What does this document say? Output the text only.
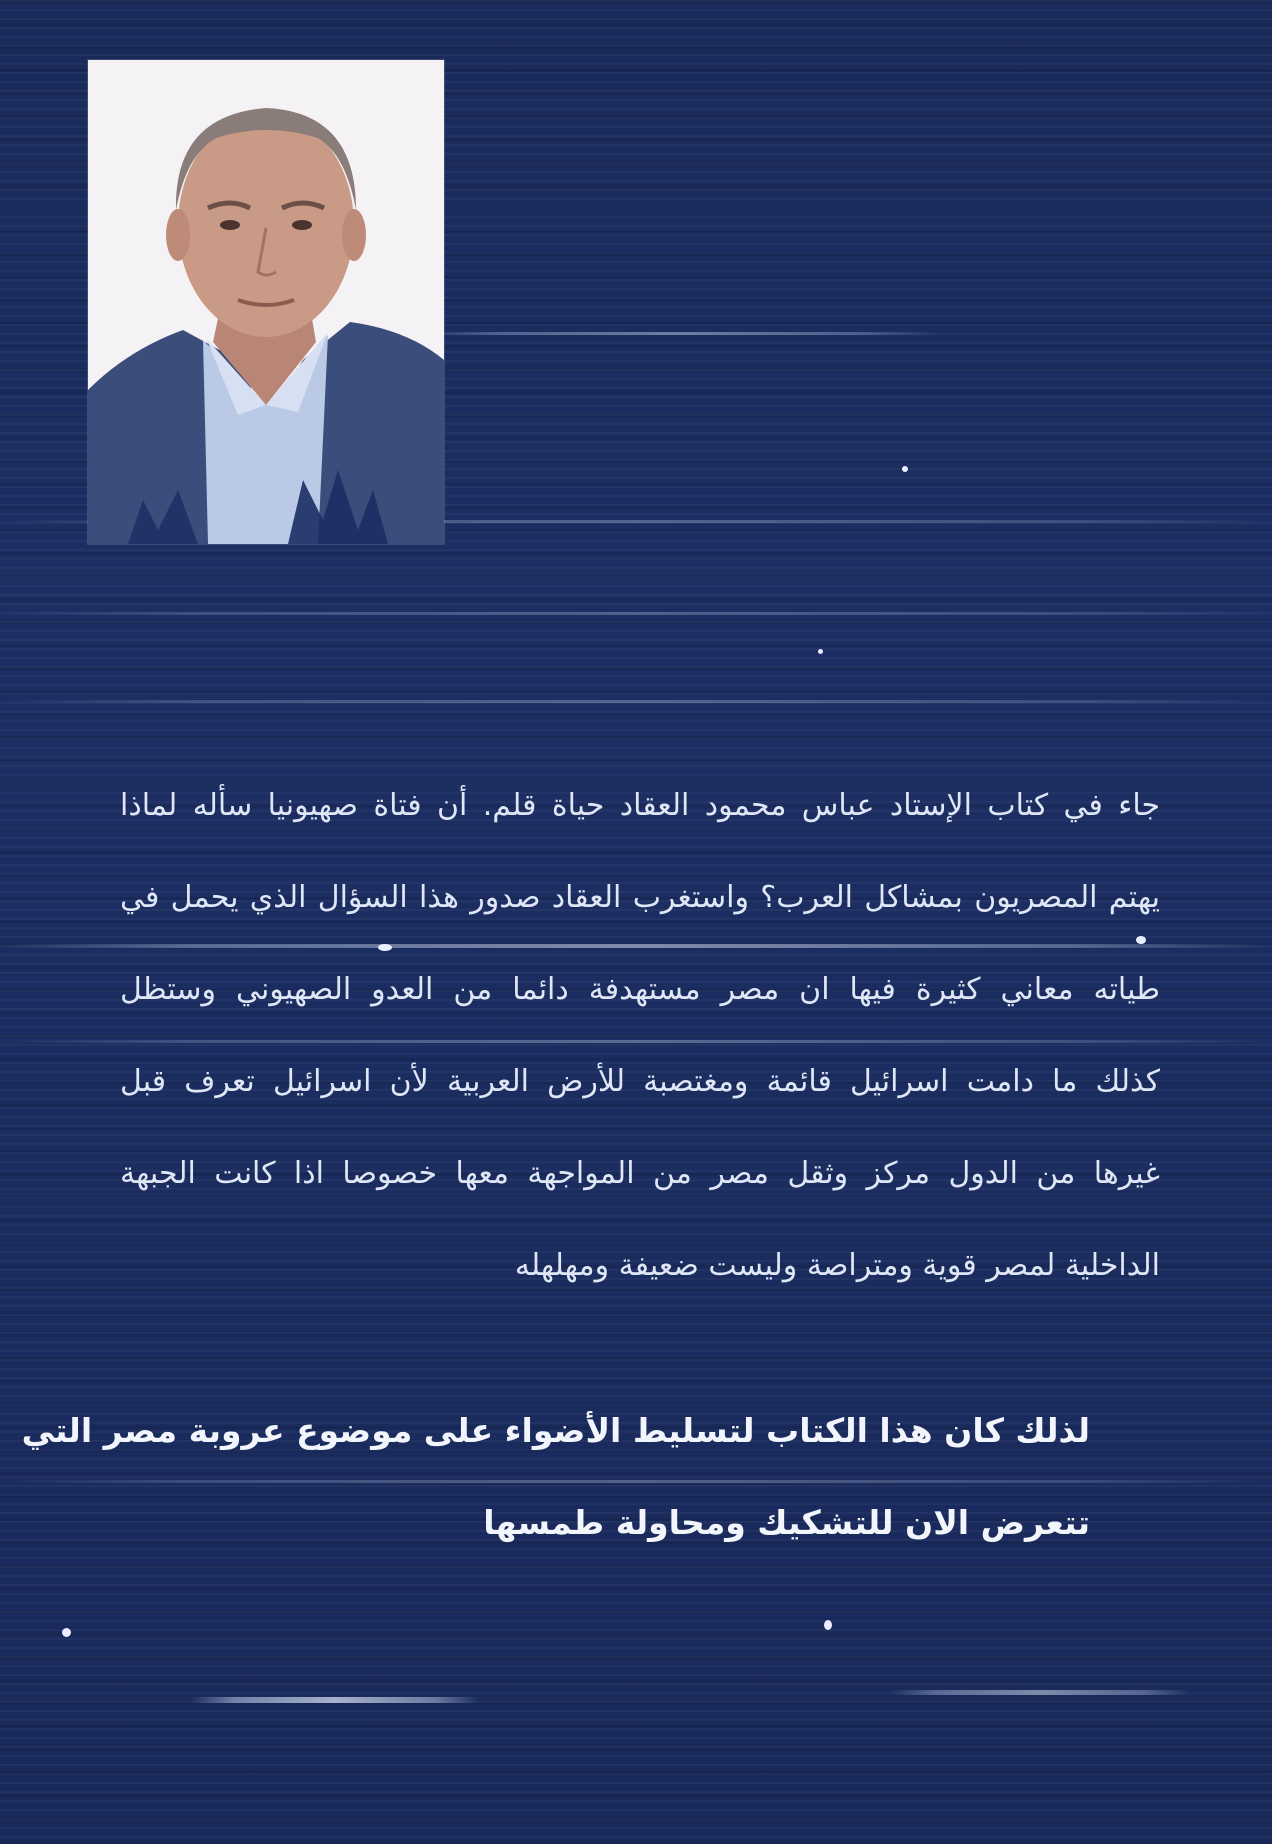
جاء في كتاب الإستاد عباس محمود العقاد حياة قلم. أن فتاة صهيونيا سأله لماذا
يهتم المصريون بمشاكل العرب؟ واستغرب العقاد صدور هذا السؤال الذي يحمل في
طياته معاني كثيرة فيها ان مصر مستهدفة دائما من العدو الصهيوني وستظل
كذلك ما دامت اسرائيل قائمة ومغتصبة للأرض العربية لأن اسرائيل تعرف قبل
غيرها من الدول مركز وثقل مصر من المواجهة معها خصوصا اذا كانت الجبهة
الداخلية لمصر قوية ومتراصة وليست ضعيفة ومهلهله

لذلك كان هذا الكتاب لتسليط الأضواء على موضوع عروبة مصر التي
تتعرض الان للتشكيك ومحاولة طمسها
